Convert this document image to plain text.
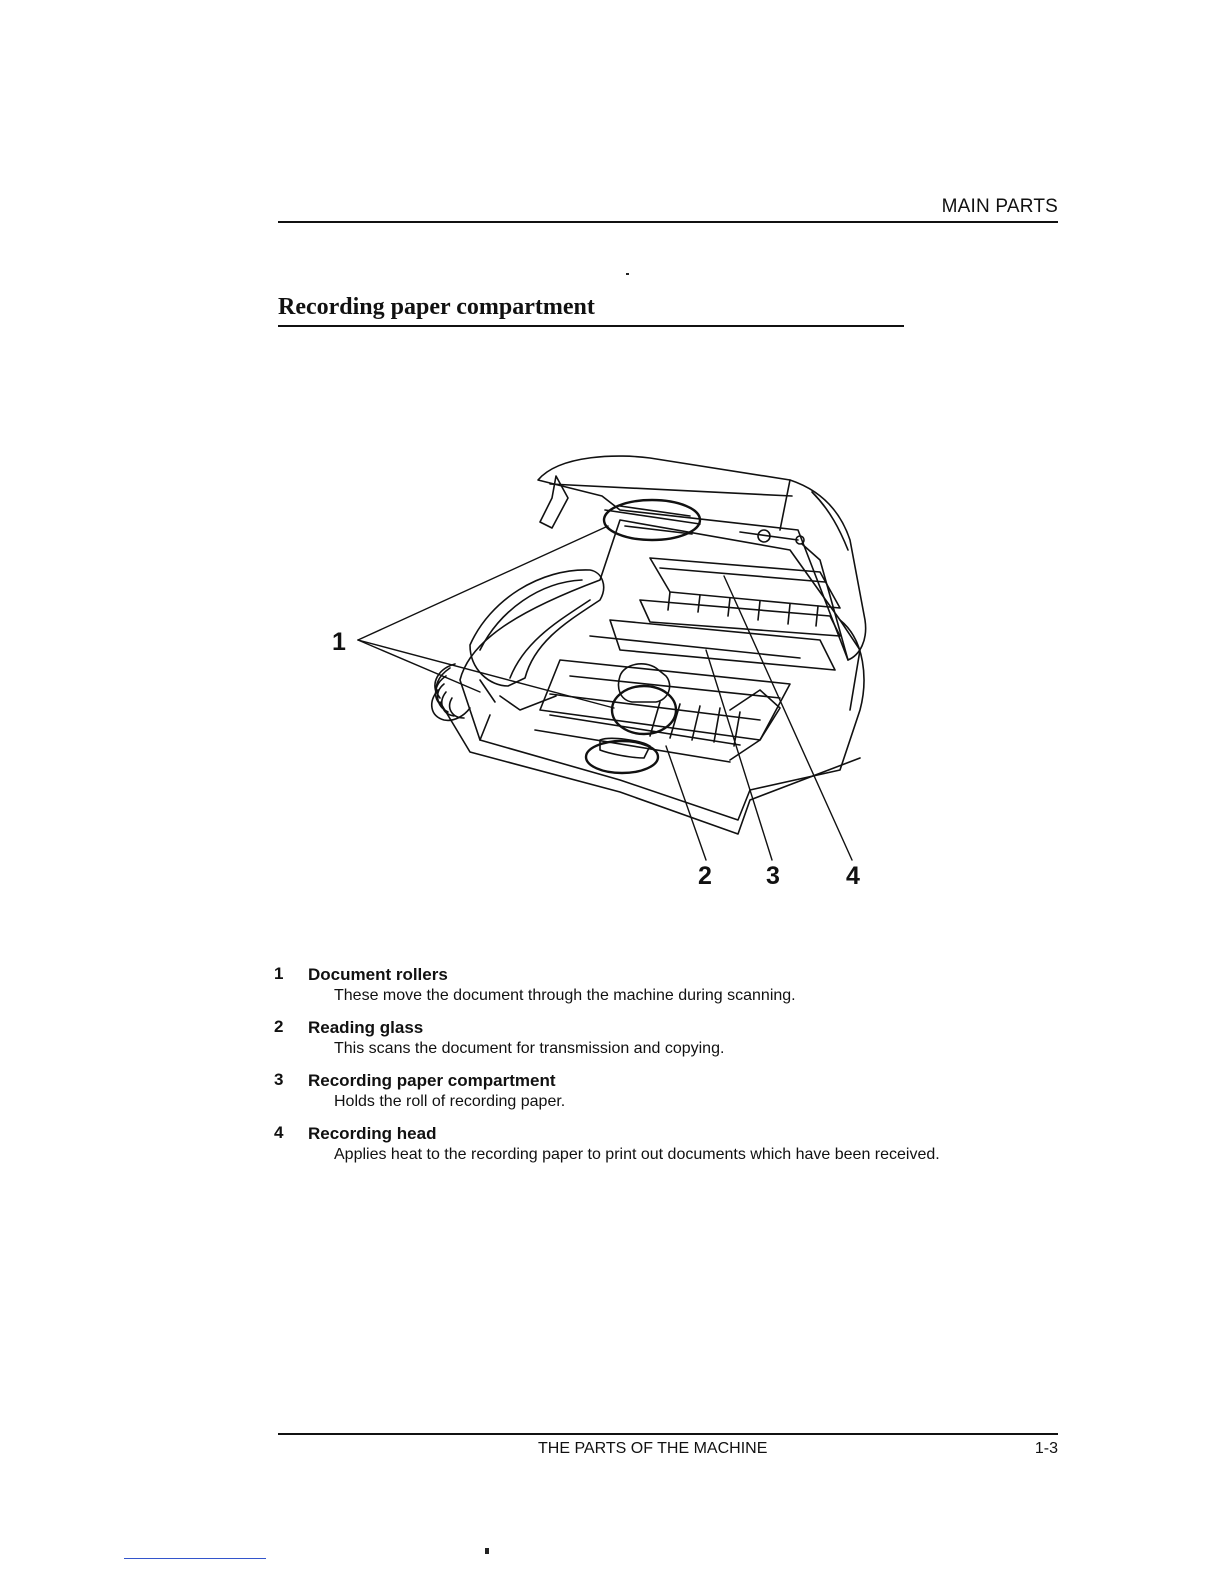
MAIN PARTS
Recording paper compartment
1
2 3	4
1 Document rollers
These move the document through the machine during scanning.
2 Reading glass
This scans the document for transmission and copying.
3 Recording paper compartment
Holds the roll of recording paper.
4 Recording head
Applies heat to the recording paper to print out documents which have been received.
THE PARTS OF THE MACHINE	1-3
